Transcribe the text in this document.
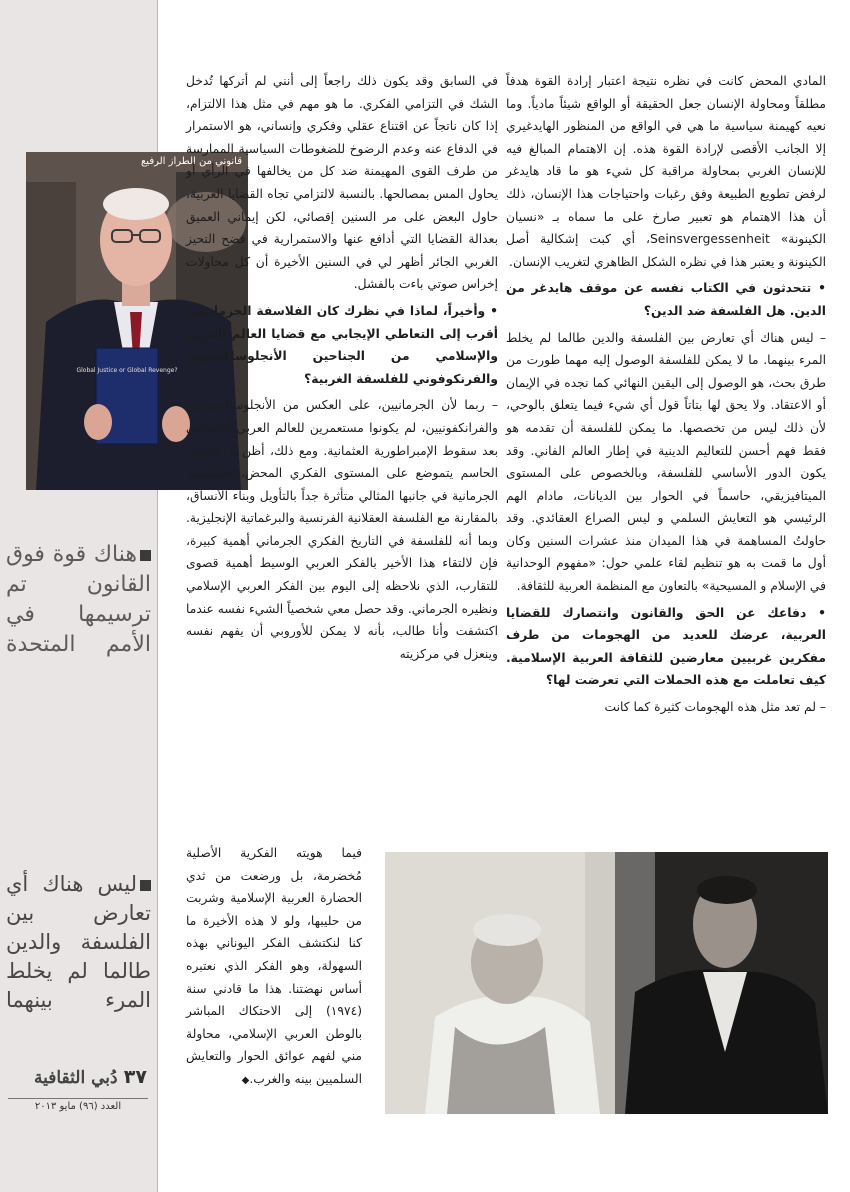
هناك قوة فوق القانون تم ترسيمها في الأمم المتحدة
ليس هناك أي تعارض بين الفلسفة والدين طالما لم يخلط المرء بينهما
٣٧
دُبي الثقافية
العدد (٩٦) مايو ٢٠١٣
Global Justice or Global Revenge?
قانوني من الطراز الرفيع

المادي المحض كانت في نظره نتيجة اعتبار إرادة القوة هدفاً مطلقاً ومحاولة الإنسان جعل الحقيقة أو الواقع شيئاً مادياً. وما نعيه كهيمنة سياسية ما هي في الواقع من المنظور الهايدغيري إلا الجانب الأقصى لإرادة القوة هذه. إن الاهتمام المبالغ فيه للإنسان الغربي بمحاولة مراقبة كل شيء هو ما قاد هايدغر لرفض تطويع الطبيعة وفق رغبات واحتياجات هذا الإنسان، ذلك أن هذا الاهتمام هو تعبير صارخ على ما سماه بـ «نسيان الكينونة» Seinsvergessenheit، أي كبت إشكالية أصل الكينونة و يعتبر هذا في نظره الشكل الظاهري لتغريب الإنسان.

• تتحدثون في الكتاب نفسه عن موقف هايدغر من الدين. هل الفلسفة ضد الدين؟

– ليس هناك أي تعارض بين الفلسفة والدين طالما لم يخلط المرء بينهما. ما لا يمكن للفلسفة الوصول إليه مهما طورت من طرق بحث، هو الوصول إلى اليقين النهائي كما نجده في الإيمان أو الاعتقاد. ولا يحق لها بتاتاً قول أي شيء فيما يتعلق بالوحي، لأن ذلك ليس من تخصصها. ما يمكن للفلسفة أن تقدمه هو فقط فهم أحسن للتعاليم الدينية في إطار العالم الفاني. وقد يكون الدور الأساسي للفلسفة، وبالخصوص على المستوى الميتافيزيقي، حاسماً في الحوار بين الديانات، مادام الهم الرئيسي هو التعايش السلمي و ليس الصراع العقائدي. وقد حاولتُ المساهمة في هذا الميدان منذ عشرات السنين وكان أول ما قمت به هو تنظيم لقاء علمي حول: «مفهوم الوحدانية في الإسلام و المسيحية» بالتعاون مع المنظمة العربية للثقافة.

• دفاعك عن الحق والقانون وانتصارك للقضايا العربية، عرضك للعديد من الهجومات من طرف مفكرين غربيين معارضين للثقافة العربية الإسلامية. كيف تعاملت مع هذه الحملات التي تعرضت لها؟

– لم تعد مثل هذه الهجومات كثيرة كما كانت

في السابق وقد يكون ذلك راجعاً إلى أنني لم أتركها تُدخل الشك في التزامي الفكري. ما هو مهم في مثل هذا الالتزام، إذا كان ناتجاً عن اقتناع عقلي وفكري وإنساني، هو الاستمرار في الدفاع عنه وعدم الرضوخ للضغوطات السياسية الممارسة من طرف القوى المهيمنة ضد كل من يخالفها في الرأي أو يحاول المس بمصالحها. بالنسبة لالتزامي تجاه القضايا العربية، حاول البعض على مر السنين إقصائي، لكن إيماني العميق بعدالة القضايا التي أدافع عنها والاستمرارية في فضح التحيز الغربي الجائر أظهر لي في السنين الأخيرة أن كل محاولات إخراس صوتي باءت بالفشل.

• وأخيراً، لماذا في نظرك كان الفلاسفة الجرمانيون أقرب إلى التعاطي الإيجابي مع قضايا العالم العربي والإسلامي من الجناحين الأنجلوساكسوني والفرنكوفوني للفلسفة الغربية؟

– ربما لأن الجرمانيين، على العكس من الأنجلوساكسونيين والفرانكفونيين، لم يكونوا مستعمرين للعالم العربي الإسلامي بعد سقوط الإمبراطورية العثمانية. ومع ذلك، أظن أن العامل الحاسم يتموضع على المستوى الفكري المحض، فالفلسفة الجرمانية في جانبها المثالي متأثرة جداً بالتأويل وبناء الأنساق، بالمقارنة مع الفلسفة العقلانية الفرنسية والبرغماتية الإنجليزية. وبما أنه للفلسفة في التاريخ الفكري الجرماني أهمية كبيرة، فإن لالتقاء هذا الأخير بالفكر العربي الوسيط أهمية قصوى للتقارب، الذي نلاحظه إلى اليوم بين الفكر العربي الإسلامي ونظيره الجرماني. وقد حصل معي شخصياً الشيء نفسه عندما اكتشفت وأنا طالب، بأنه لا يمكن للأوروبي أن يفهم نفسه وينعزل في مركزيته

فيما هويته الفكرية الأصلية مُخضرمة، بل ورضعت من ثدي الحضارة العربية الإسلامية وشربت من حليبها، ولو لا هذه الأخيرة ما كنا لنكتشف الفكر اليوناني بهذه السهولة، وهو الفكر الذي نعتبره أساس نهضتنا. هذا ما قادني سنة (١٩٧٤) إلى الاحتكاك المباشر بالوطن العربي الإسلامي، محاولة مني لفهم عوائق الحوار والتعايش السلميين بينه والغرب.◆
